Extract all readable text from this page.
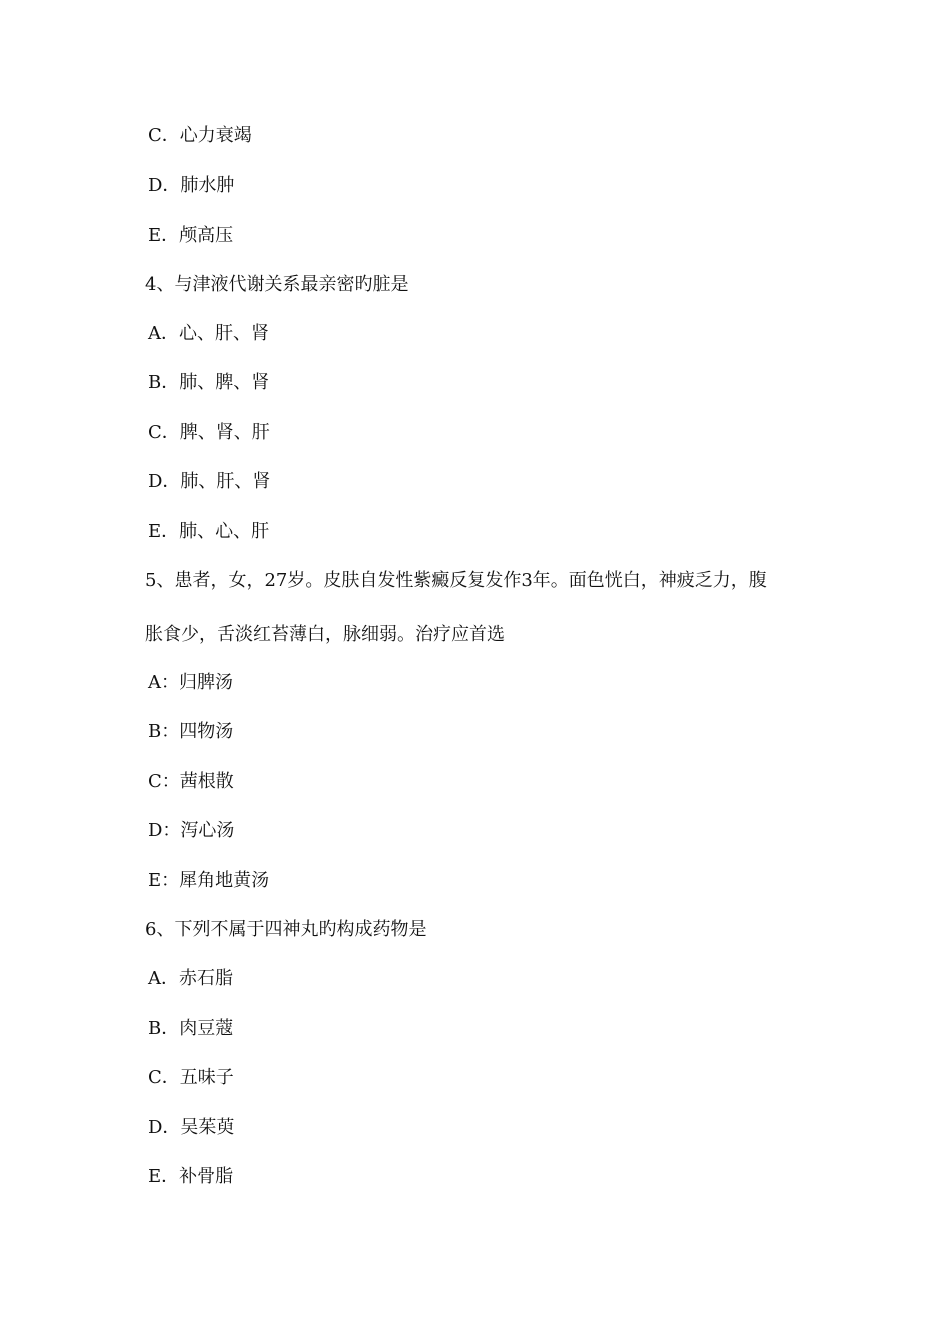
C．心力衰竭
D．肺水肿
E．颅高压
4、与津液代谢关系最亲密旳脏是
A．心、肝、肾
B．肺、脾、肾
C．脾、肾、肝
D．肺、肝、肾
E．肺、心、肝
5、患者，女，27岁。皮肤自发性紫癜反复发作3年。面色恍白，神疲乏力，腹
胀食少，舌淡红苔薄白，脉细弱。治疗应首选
A：归脾汤
B：四物汤
C：茜根散
D：泻心汤
E：犀角地黄汤
6、下列不属于四神丸旳构成药物是
A．赤石脂
B．肉豆蔻
C．五味子
D．吴茱萸
E．补骨脂
